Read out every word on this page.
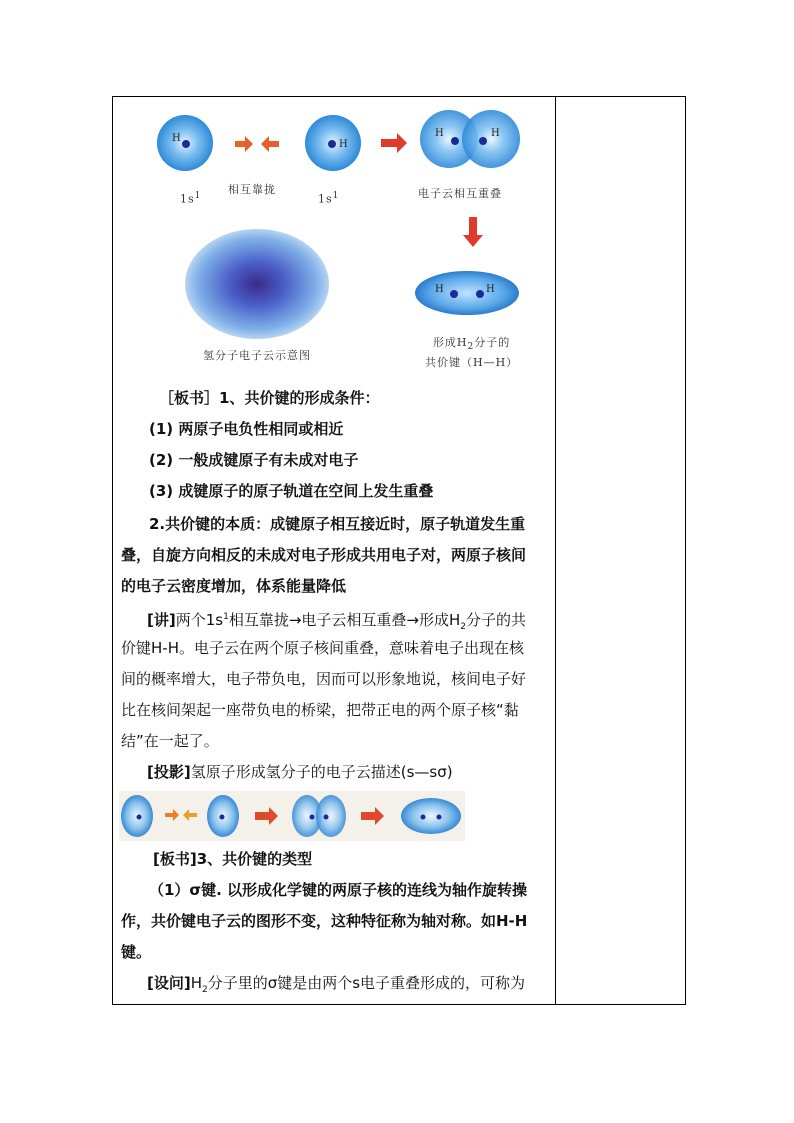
H
H
H	H
H	H
$1s^1$ 相互靠拢
$1s^1$	电子云相互重叠
氢分子电子云示意图
形成$H_2$分子的
共价键（H—H）
［板书］1、共价键的形成条件：
(1) 两原子电负性相同或相近
(2) 一般成键原子有未成对电子
(3) 成键原子的原子轨道在空间上发生重叠
2.共价键的本质：成键原子相互接近时，原子轨道发生重
叠，自旋方向相反的未成对电子形成共用电子对，两原子核间
的电子云密度增加，体系能量降低
[讲]两个$1s^1$相互靠拢→电子云相互重叠→形成$H_2$分子的共
价键H-H。电子云在两个原子核间重叠，意味着电子出现在核
间的概率增大，电子带负电，因而可以形象地说，核间电子好
比在核间架起一座带负电的桥梁，把带正电的两个原子核“黏
结”在一起了。
[投影]氢原子形成氢分子的电子云描述(s—sσ)
[板书]3、共价键的类型
（1）σ键. 以形成化学键的两原子核的连线为轴作旋转操
作，共价键电子云的图形不变，这种特征称为轴对称。如H-H
键。
[设问]$H_2$分子里的σ键是由两个s电子重叠形成的，可称为
